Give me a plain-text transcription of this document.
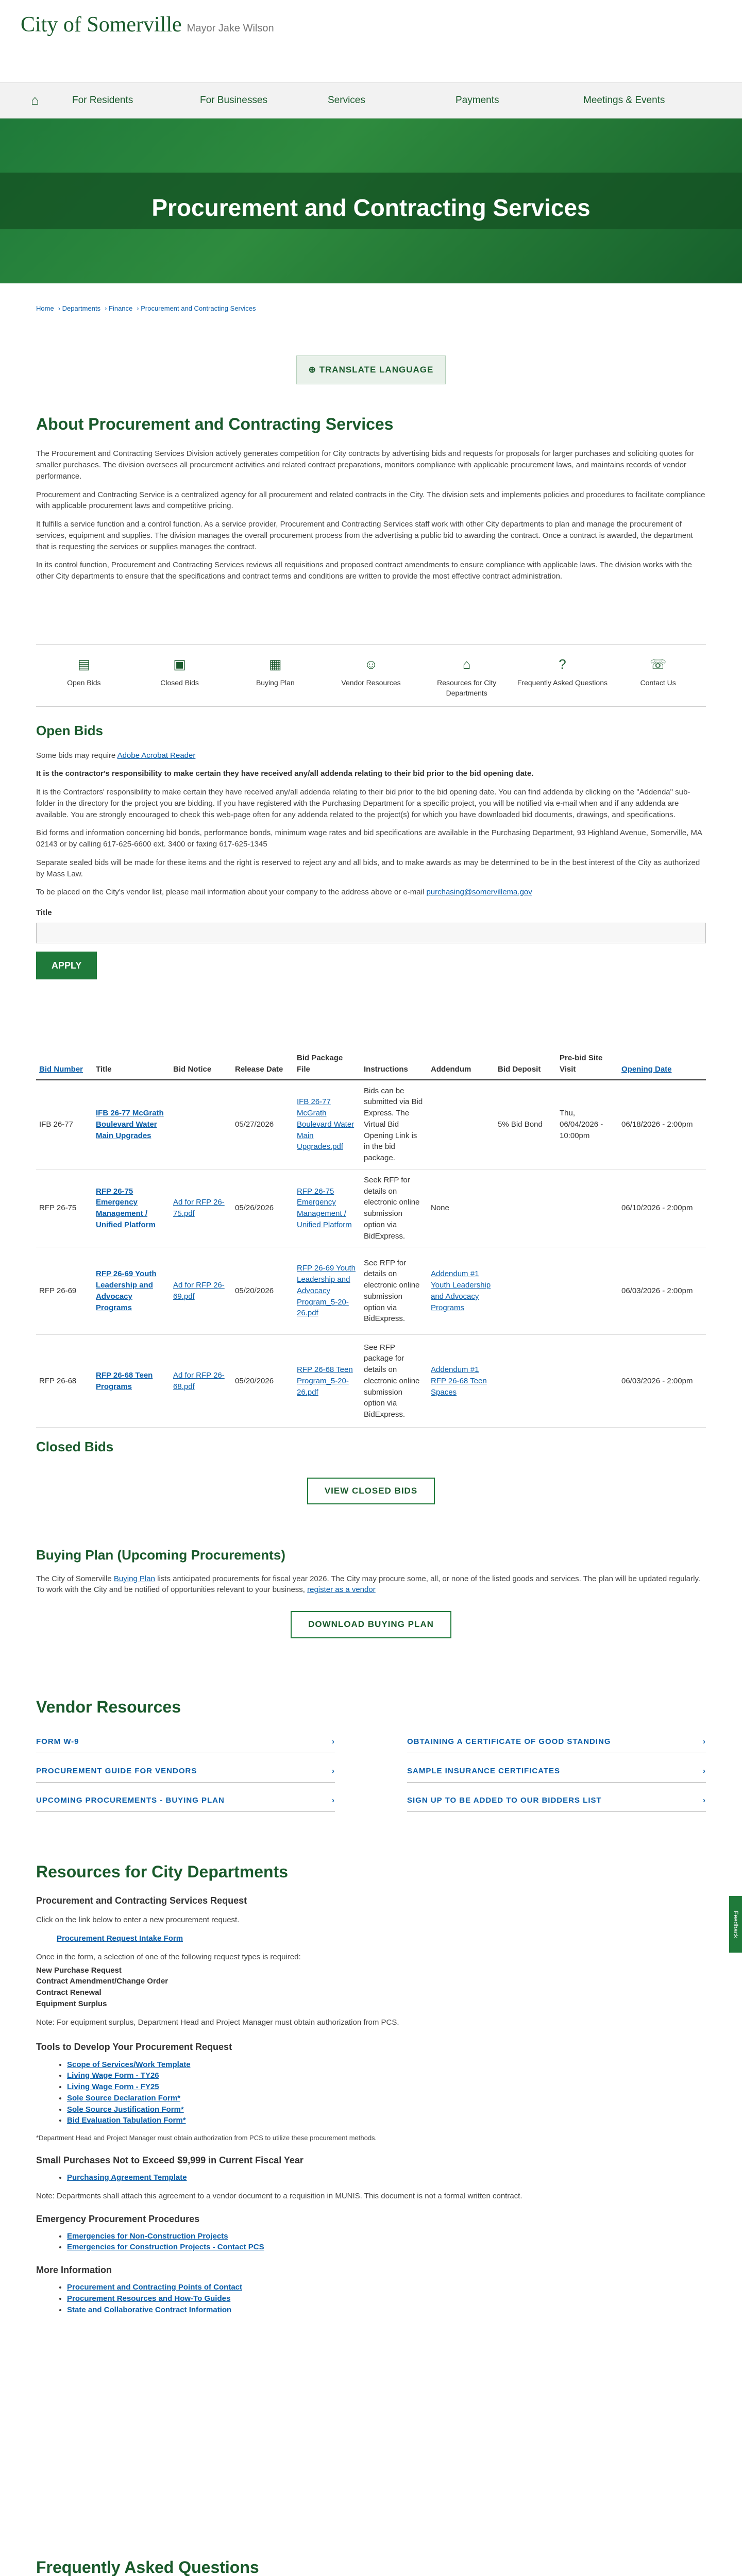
City of Somerville Mayor Jake Wilson
⌂	For Residents	For Businesses	Services	Payments	Meetings & Events
Procurement and Contracting Services
Home › Departments › Finance › Procurement and Contracting Services
⊕ TRANSLATE LANGUAGE
About Procurement and Contracting Services

The Procurement and Contracting Services Division actively generates competition for City contracts by advertising bids and requests for proposals for larger purchases and soliciting quotes for smaller purchases. The division oversees all procurement activities and related contract preparations, monitors compliance with applicable procurement laws, and maintains records of vendor performance.

Procurement and Contracting Service is a centralized agency for all procurement and related contracts in the City. The division sets and implements policies and procedures to facilitate compliance with applicable procurement laws and competitive pricing.

It fulfills a service function and a control function. As a service provider, Procurement and Contracting Services staff work with other City departments to plan and manage the procurement of services, equipment and supplies. The division manages the overall procurement process from the advertising a public bid to awarding the contract. Once a contract is awarded, the department that is requesting the services or supplies manages the contract.

In its control function, Procurement and Contracting Services reviews all requisitions and proposed contract amendments to ensure compliance with applicable laws. The division works with the other City departments to ensure that the specifications and contract terms and conditions are written to provide the most effective contract administration.

▤
Open Bids
▣
Closed Bids
▦
Buying Plan
☺
Vendor Resources
⌂
Resources for City Departments
?
Frequently Asked Questions
☏
Contact Us
Open Bids

Some bids may require Adobe Acrobat Reader

It is the contractor's responsibility to make certain they have received any/all addenda relating to their bid prior to the bid opening date.

It is the Contractors' responsibility to make certain they have received any/all addenda relating to their bid prior to the bid opening date. You can find addenda by clicking on the "Addenda" sub-folder in the directory for the project you are bidding. If you have registered with the Purchasing Department for a specific project, you will be notified via e-mail when and if any addenda are available. You are strongly encouraged to check this web-page often for any addenda related to the project(s) for which you have downloaded bid documents, drawings, and specifications.

Bid forms and information concerning bid bonds, performance bonds, minimum wage rates and bid specifications are available in the Purchasing Department, 93 Highland Avenue, Somerville, MA 02143 or by calling 617-625-6600 ext. 3400 or faxing 617-625-1345

Separate sealed bids will be made for these items and the right is reserved to reject any and all bids, and to make awards as may be determined to be in the best interest of the City as authorized by Mass Law.

To be placed on the City's vendor list, please mail information about your company to the address above or e-mail purchasing@somervillema.gov

Title
APPLY
Bid Number	Title	Bid Notice	Release Date	Bid Package File	Instructions	Addendum	Bid Deposit	Pre-bid Site Visit	Opening Date
IFB 26-77	IFB 26-77 McGrath Boulevard Water Main Upgrades		05/27/2026	IFB 26-77 McGrath Boulevard Water Main Upgrades.pdf	Bids can be submitted via Bid Express. The Virtual Bid Opening Link is in the bid package.		5% Bid Bond	Thu, 06/04/2026 - 10:00pm	06/18/2026 - 2:00pm
RFP 26-75	RFP 26-75 Emergency Management / Unified Platform	Ad for RFP 26-75.pdf	05/26/2026	RFP 26-75 Emergency Management / Unified Platform	Seek RFP for details on electronic online submission option via BidExpress.	None			06/10/2026 - 2:00pm
RFP 26-69	RFP 26-69 Youth Leadership and Advocacy Programs	Ad for RFP 26-69.pdf	05/20/2026	RFP 26-69 Youth Leadership and Advocacy Program_5-20-26.pdf	See RFP for details on electronic online submission option via BidExpress.	Addendum #1 Youth Leadership and Advocacy Programs			06/03/2026 - 2:00pm
RFP 26-68	RFP 26-68 Teen Programs	Ad for RFP 26-68.pdf	05/20/2026	RFP 26-68 Teen Program_5-20-26.pdf	See RFP package for details on electronic online submission option via BidExpress.	Addendum #1 RFP 26-68 Teen Spaces			06/03/2026 - 2:00pm
Closed Bids
VIEW CLOSED BIDS
Buying Plan (Upcoming Procurements)

The City of Somerville Buying Plan lists anticipated procurements for fiscal year 2026. The City may procure some, all, or none of the listed goods and services. The plan will be updated regularly. To work with the City and be notified of opportunities relevant to your business, register as a vendor

DOWNLOAD BUYING PLAN
Vendor Resources
FORM W-9	›	OBTAINING A CERTIFICATE OF GOOD STANDING	›
PROCUREMENT GUIDE FOR VENDORS	›	SAMPLE INSURANCE CERTIFICATES	›
UPCOMING PROCUREMENTS - BUYING PLAN	›	SIGN UP TO BE ADDED TO OUR BIDDERS LIST	›
Resources for City Departments
Procurement and Contracting Services Request

Click on the link below to enter a new procurement request.

Procurement Request Intake Form

Once in the form, a selection of one of the following request types is required:

New Purchase Request
Contract Amendment/Change Order
Contract Renewal
Equipment Surplus

Note: For equipment surplus, Department Head and Project Manager must obtain authorization from PCS.

Tools to Develop Your Procurement Request
• Scope of Services/Work Template
• Living Wage Form - TY26
• Living Wage Form - FY25
• Sole Source Declaration Form*
• Sole Source Justification Form*
• Bid Evaluation Tabulation Form*

*Department Head and Project Manager must obtain authorization from PCS to utilize these procurement methods.

Small Purchases Not to Exceed $9,999 in Current Fiscal Year
• Purchasing Agreement Template

Note: Departments shall attach this agreement to a vendor document to a requisition in MUNIS. This document is not a formal written contract.

Emergency Procurement Procedures
• Emergencies for Non-Construction Projects
• Emergencies for Construction Projects - Contact PCS
More Information
• Procurement and Contracting Points of Contact
• Procurement Resources and How-To Guides
• State and Collaborative Contract Information
Frequently Asked Questions

Feedback
